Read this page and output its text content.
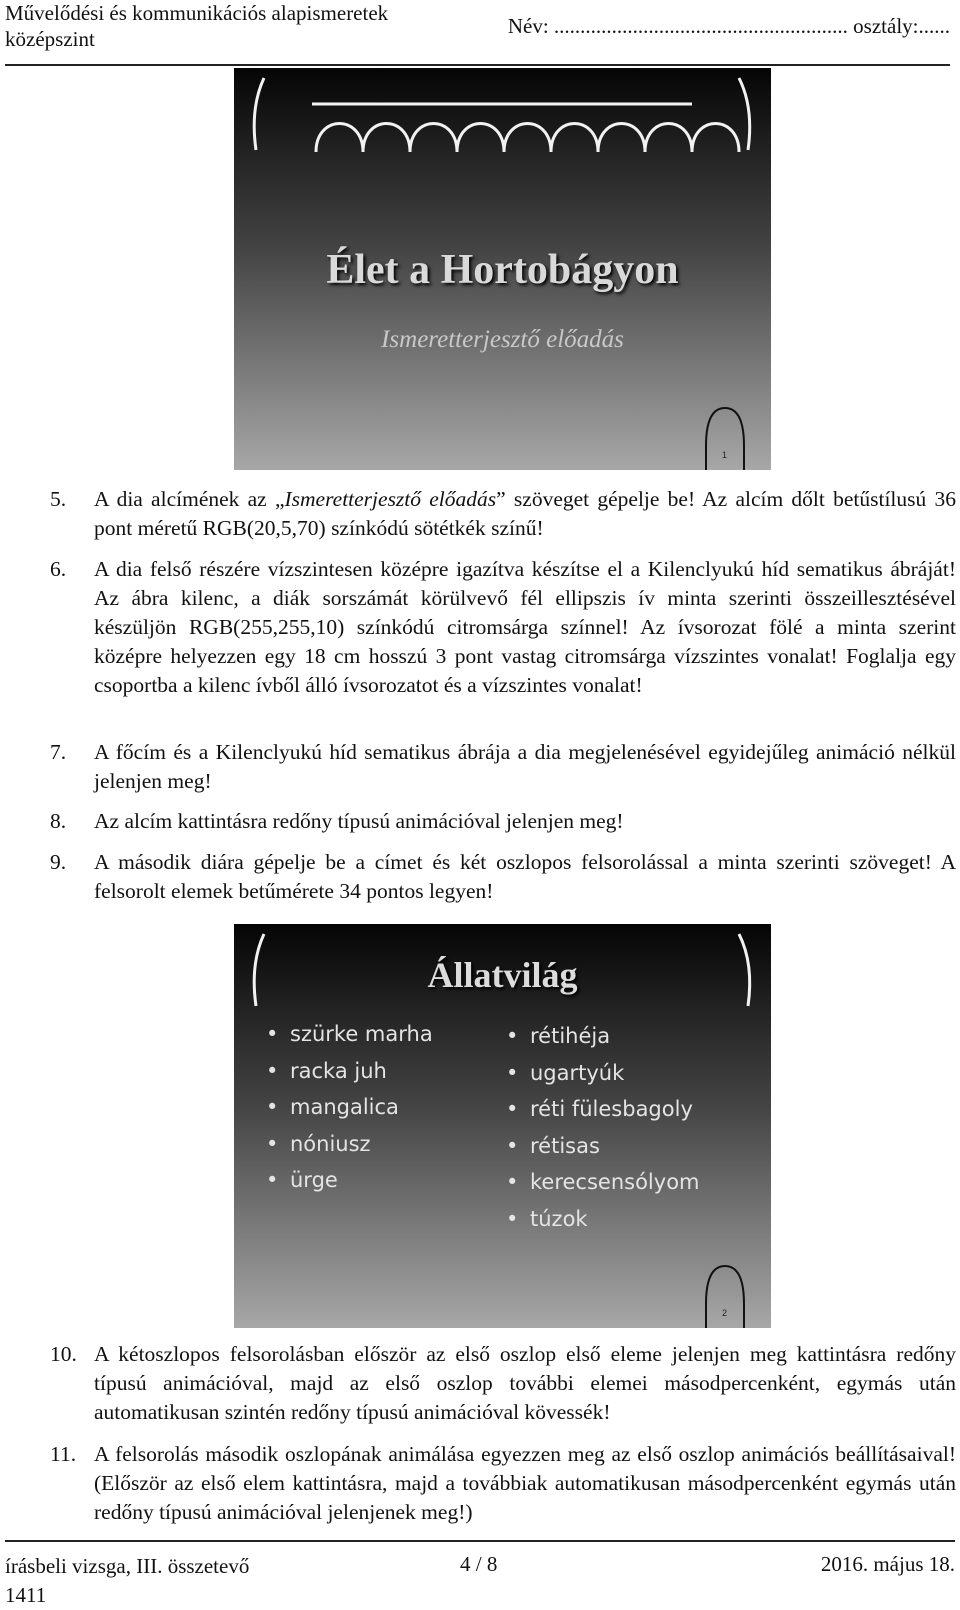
Művelődési és kommunikációs alapismeretek
középszint
Név: ........................................................ osztály:......
Élet a Hortobágyon
Ismeretterjesztő előadás
1
5. A dia alcímének az „Ismeretterjesztő előadás” szöveget gépelje be! Az alcím dőlt betűstílusú 36 pont méretű RGB(20,5,70) színkódú sötétkék színű!
6. A dia felső részére vízszintesen középre igazítva készítse el a Kilenclyukú híd sematikus ábráját! Az ábra kilenc, a diák sorszámát körülvevő fél ellipszis ív minta szerinti összeillesztésével készüljön RGB(255,255,10) színkódú citromsárga színnel! Az ívsorozat fölé a minta szerint középre helyezzen egy 18 cm hosszú 3 pont vastag citromsárga vízszintes vonalat! Foglalja egy csoportba a kilenc ívből álló ívsorozatot és a vízszintes vonalat!
7. A főcím és a Kilenclyukú híd sematikus ábrája a dia megjelenésével egyidejűleg animáció nélkül jelenjen meg!
8. Az alcím kattintásra redőny típusú animációval jelenjen meg!
9. A második diára gépelje be a címet és két oszlopos felsorolással a minta szerinti szöveget! A felsorolt elemek betűmérete 34 pontos legyen!
Állatvilág
• szürke marha
• racka juh
• mangalica
• nóniusz
• ürge
• rétihéja
• ugartyúk
• réti fülesbagoly
• rétisas
• kerecsensólyom
• túzok
2
10. A kétoszlopos felsorolásban először az első oszlop első eleme jelenjen meg kattintásra redőny típusú animációval, majd az első oszlop további elemei másodpercenként, egymás után automatikusan szintén redőny típusú animációval kövessék!
11. A felsorolás második oszlopának animálása egyezzen meg az első oszlop animációs beállításaival! (Először az első elem kattintásra, majd a továbbiak automatikusan másodpercenként egymás után redőny típusú animációval jelenjenek meg!)
írásbeli vizsga, III. összetevő
1411
4 / 8	2016. május 18.
